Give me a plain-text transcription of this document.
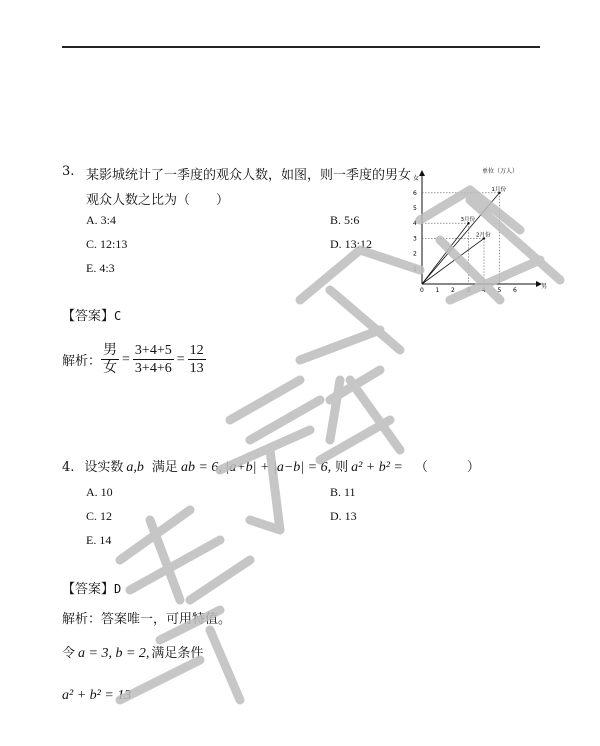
3. 某影城统计了一季度的观众人数，如图，则一季度的男女
观众人数之比为（　　）
A. 3:4	B. 5:6
C. 12:13	D. 13:12
E. 4:3
单位（万人）
女
男
0 1 2 3 4 5 6
1
2
3
4
5
6	1月份
2月份
3月份
【答案】C
解析： $\frac{\text{男}}{\text{女}} = \frac{3+4+5}{3+4+6} = \frac{12}{13}$
4. 设实数 a,b 满足 ab = 6, |a+b| + |a−b| = 6, 则 a² + b² = （　　　）
A. 10	B. 11
C. 12	D. 13
E. 14
【答案】D
解析：答案唯一，可用特值。
令 a = 3, b = 2, 满足条件
a² + b² = 13
